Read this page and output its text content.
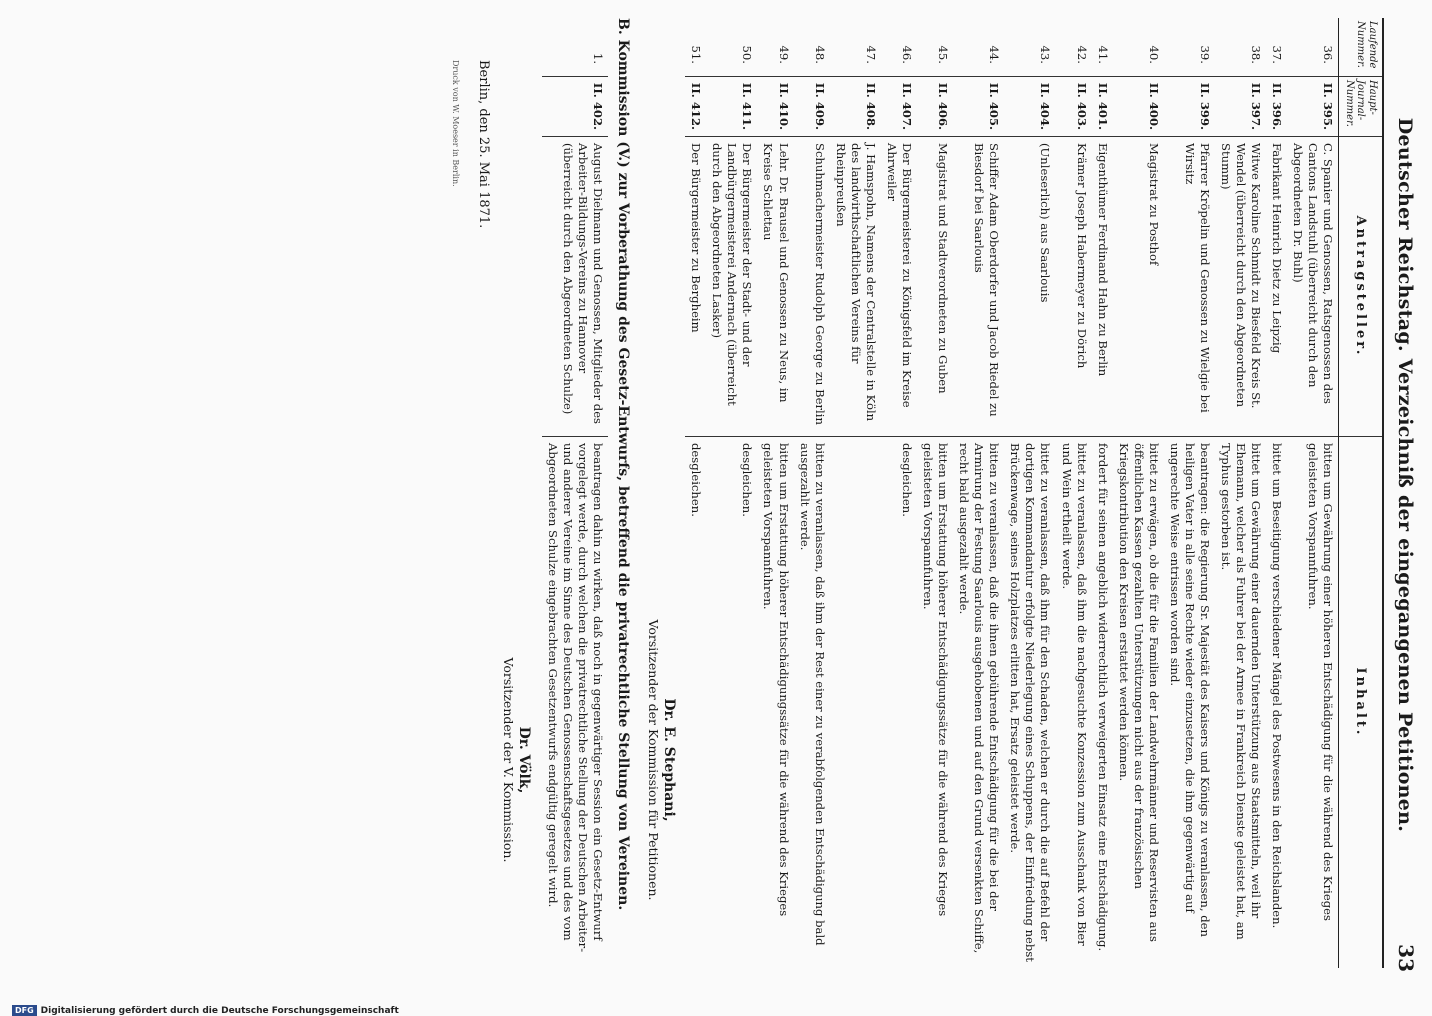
Deutscher Reichstag. Verzeichniß der eingegangenen Petitionen.
33
Laufende Nummer.
Haupt-Journal-Nummer.
Antragsteller.
Inhalt.
36.
II. 395.
C. Spanier und Genossen, Ratsgenossen des Cantons Landstuhl (überreicht durch den Abgeordneten Dr. Buhl)
bitten um Gewährung einer höheren Entschädigung für die während des Krieges geleisteten Vorspannfuhren.
37.
II. 396.
Fabrikant Heinrich Dietz zu Leipzig
bittet um Beseitigung verschiedener Mängel des Postwesens in den Reichslanden.
38.
II. 397.
Witwe Karoline Schmidt zu Biesfeld Kreis St. Wendel (überreicht durch den Abgeordneten Stumm)
bittet um Gewährung einer dauernden Unterstützung aus Staatsmitteln, weil ihr Ehemann, welcher als Fuhrer bei der Armee in Frankreich Dienste geleistet hat, am Typhus gestorben ist.
39.
II. 399.
Pfarrer Kröpelin und Genossen zu Wielgie bei Wirsitz
beantragen: die Regierung Sr. Majestät des Kaisers und Königs zu veranlassen, den heiligen Vater in alle seine Rechte wieder einzusetzen, die ihm gegenwärtig auf ungerechte Weise entrissen worden sind.
40.
II. 400.
Magistrat zu Posthof
bittet zu erwägen, ob die für die Familien der Landwehrmänner und Reservisten aus öffentlichen Kassen gezahlten Unterstützungen nicht aus der französischen Kriegskontribution den Kreisen erstattet werden können.
41.
II. 401.
Eigenthümer Ferdinand Hahn zu Berlin
fordert für seinen angeblich widerrechtlich verweigerten Einsatz eine Entschädigung.
42.
II. 403.
Krämer Joseph Habermeyer zu Dörich
bittet zu veranlassen, daß ihm die nachgesuchte Konzession zum Ausschank von Bier und Wein ertheilt werde.
43.
II. 404.
(Unleserlich) aus Saarlouis
bittet zu veranlassen, daß ihm für den Schaden, welchen er durch die auf Befehl der dortigen Kommandantur erfolgte Niederlegung eines Schuppens, der Einfriedung nebst Brückenwage, seines Holzplatzes erlitten hat, Ersatz geleistet werde.
44.
II. 405.
Schiffer Adam Oberdorfer und Jacob Riedel zu Biesdorf bei Saarlouis
bitten zu veranlassen, daß die ihnen gebührende Entschädigung für die bei der Armirung der Festung Saarlouis ausgehobenen und auf den Grund versenkten Schiffe, recht bald ausgezahlt werde.
45.
II. 406.
Magistrat und Stadtverordneten zu Guben
bitten um Erstattung höherer Entschädigungssätze für die während des Krieges geleisteten Vorspannfuhren.
46.
II. 407.
Der Bürgermeisterei zu Königsfeld im Kreise Ahrweiler
desgleichen.
47.
II. 408.
J. Hamspohn, Namens der Centralstelle in Köln des landwirthschaftlichen Vereins für Rheinpreußen
48.
II. 409.
Schuhmachermeister Rudolph George zu Berlin
bitten zu veranlassen, daß ihm der Rest einer zu verabfolgenden Entschädigung bald ausgezahlt werde.
49.
II. 410.
Lehr. Dr. Brausel und Genossen zu Neus, im Kreise Schlettau
bitten um Erstattung höherer Entschädigungssätze für die während des Krieges geleisteten Vorspannfuhren.
50.
II. 411.
Der Bürgermeister der Stadt- und der Landbürgermeisterei Andernach (überreicht durch den Abgeordneten Lasker)
desgleichen.
51.
II. 412.
Der Bürgermeister zu Bergheim
desgleichen.
Dr. E. Stephani,
Vorsitzender der Kommission für Petitionen.
B. Kommission (V.) zur Vorberathung des Gesetz-Entwurfs, betreffend die privatrechtliche Stellung von Vereinen.
1.
II. 402.
August Dielmann und Genossen, Mitglieder des Arbeiter-Bildungs-Vereins zu Hannover (überreicht durch den Abgeordneten Schulze)
beantragen dahin zu wirken, daß noch in gegenwärtiger Session ein Gesetz-Entwurf vorgelegt werde, durch welchen die privatrechtliche Stellung der Deutschen Arbeiter- und anderer Vereine im Sinne des Deutschen Genossenschaftsgesetzes und des vom Abgeordneten Schulze eingebrachten Gesetzentwurfs endgültig geregelt wird.
Dr. Völk,
Vorsitzender der V. Kommission.
Berlin, den 25. Mai 1871.
Druck von W. Moeser in Berlin.
DFG Digitalisierung gefördert durch die Deutsche Forschungsgemeinschaft
